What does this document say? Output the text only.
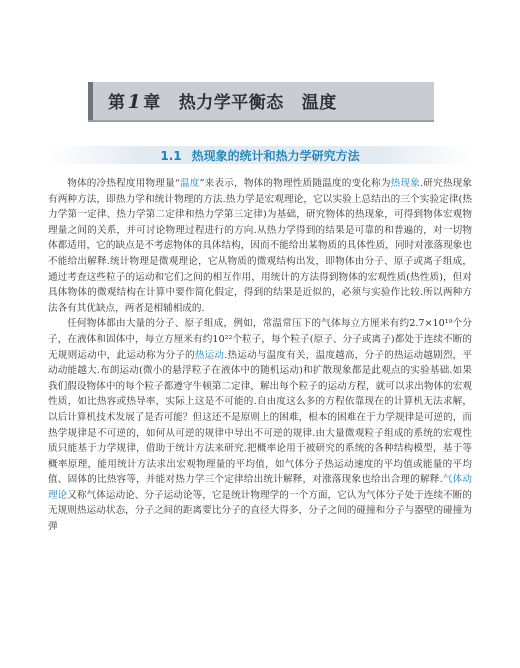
第 1 章 热力学平衡态 温度
1.1 热现象的统计和热力学研究方法

物体的冷热程度用物理量“温度”来表示，物体的物理性质随温度的变化称为热现象.研究热现象有两种方法，即热力学和统计物理的方法.热力学是宏观理论，它以实验上总结出的三个实验定律(热力学第一定律、热力学第二定律和热力学第三定律)为基础，研究物体的热现象，可得到物体宏观物理量之间的关系，并可讨论物理过程进行的方向.从热力学得到的结果是可靠的和普遍的，对一切物体都适用，它的缺点是不考虑物体的具体结构，因而不能给出某物质的具体性质，同时对涨落现象也不能给出解释.统计物理是微观理论，它从物质的微观结构出发，即物体由分子、原子或离子组成，通过考查这些粒子的运动和它们之间的相互作用，用统计的方法得到物体的宏观性质(热性质)，但对具体物体的微观结构在计算中要作简化假定，得到的结果是近似的，必须与实验作比较.所以两种方法各有其优缺点，两者是相辅相成的.

任何物体都由大量的分子、原子组成，例如，常温常压下的气体每立方厘米有约2.7×10¹⁹个分子，在液体和固体中，每立方厘米有约10²²个粒子，每个粒子(原子、分子或离子)都处于连续不断的无规则运动中，此运动称为分子的热运动.热运动与温度有关，温度越高，分子的热运动越剧烈，平动动能越大.布朗运动(微小的悬浮粒子在液体中的随机运动)和扩散现象都是此观点的实验基础.如果我们假设物体中的每个粒子都遵守牛顿第二定律，解出每个粒子的运动方程，就可以求出物体的宏观性质，如比热容或热导率，实际上这是不可能的.自由度这么多的方程依靠现在的计算机无法求解，以后计算机技术发展了是否可能？但这还不是原则上的困难，根本的困难在于力学规律是可逆的，而热学规律是不可逆的，如何从可逆的规律中导出不可逆的规律.由大量微观粒子组成的系统的宏观性质只能基于力学规律，借助于统计方法来研究.把概率论用于被研究的系统的各种结构模型，基于等概率原理，能用统计方法求出宏观物理量的平均值，如气体分子热运动速度的平均值或能量的平均值、固体的比热容等，并能对热力学三个定律给出统计解释，对涨落现象也给出合理的解释.气体动理论又称气体运动论、分子运动论等，它是统计物理学的一个方面，它认为气体分子处于连续不断的无规则热运动状态，分子之间的距离要比分子的直径大得多，分子之间的碰撞和分子与器壁的碰撞为弹
